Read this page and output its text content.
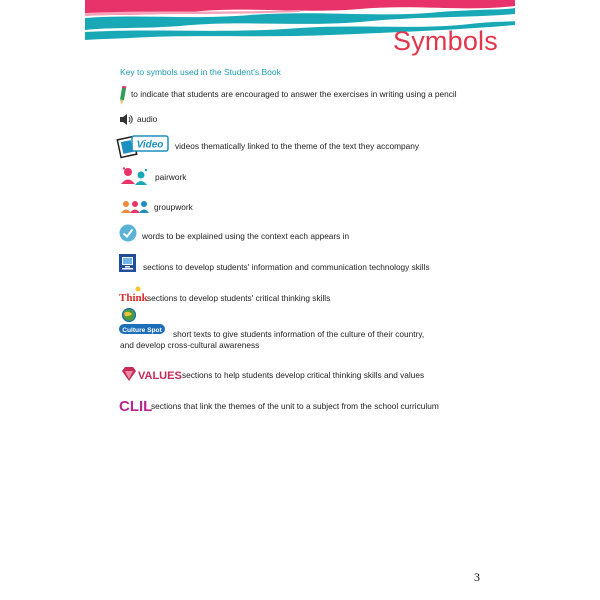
Symbols
Key to symbols used in the Student's Book
to indicate that students are encouraged to answer the exercises in writing using a pencil
audio
Video videos thematically linked to the theme of the text they accompany
pairwork
groupwork
words to be explained using the context each appears in
sections to develop students' information and communication technology skills
Think sections to develop students' critical thinking skills
Culture Spot short texts to give students information of the culture of their country,
and develop cross-cultural awareness
VALUES sections to help students develop critical thinking skills and values
CLIL
sections that link the themes of the unit to a subject from the school curriculum
3
